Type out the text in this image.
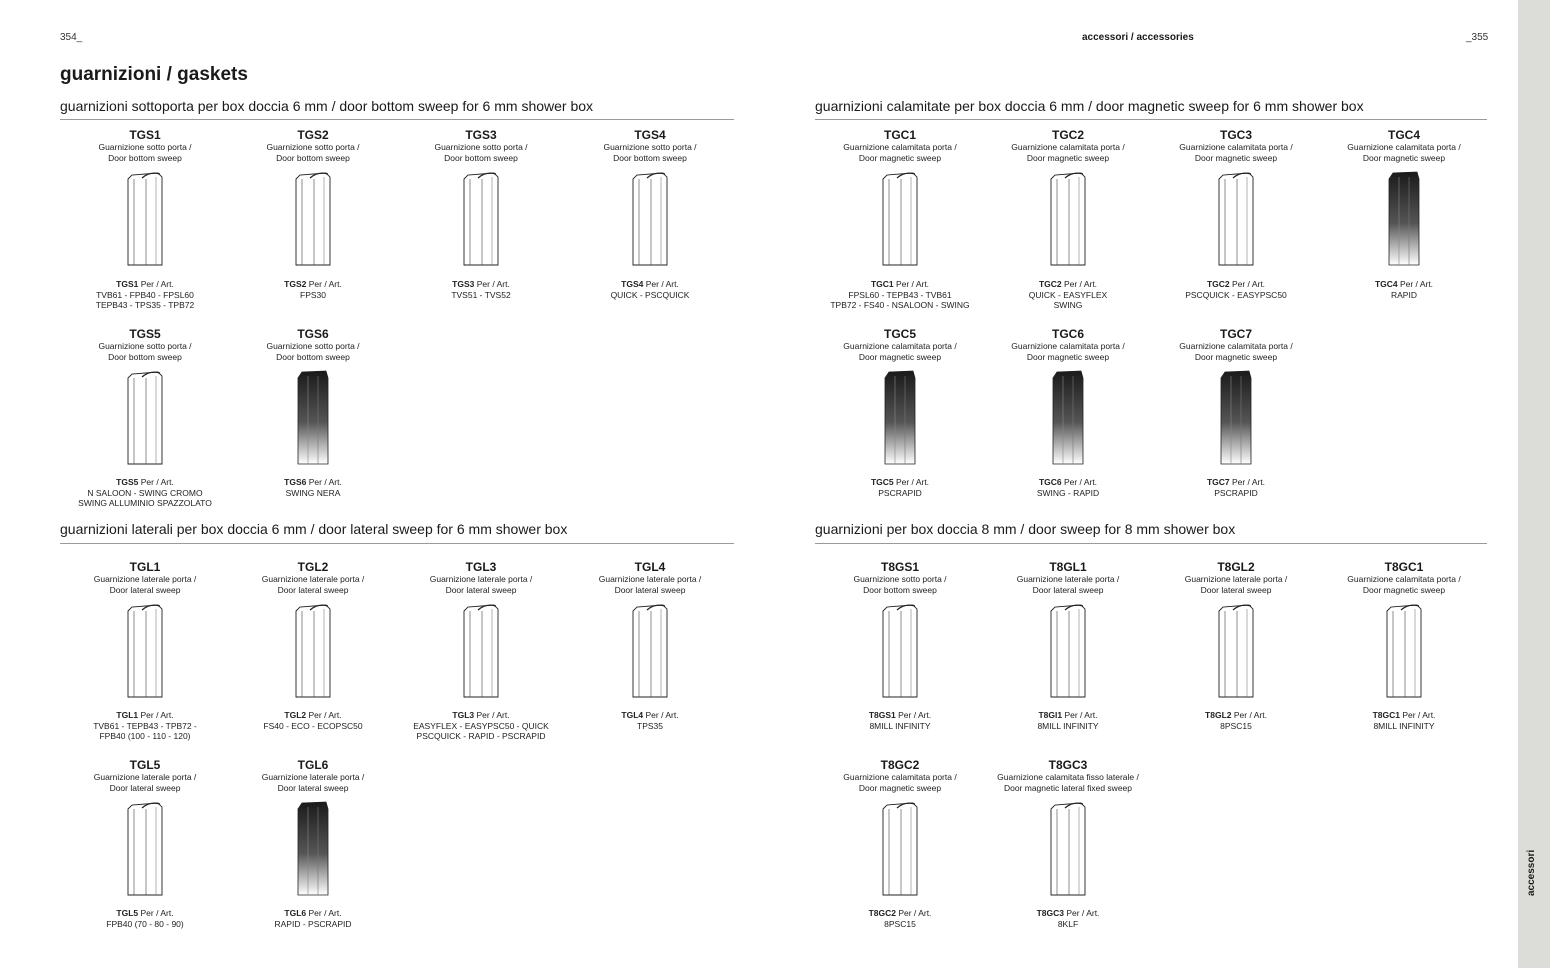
accessori
354_	accessori / accessories	_355
guarnizioni / gaskets
guarnizioni sottoporta per box doccia 6 mm / door bottom sweep for 6 mm shower box	guarnizioni calamitate per box doccia 6 mm / door magnetic sweep for 6 mm shower box
guarnizioni laterali per box doccia 6 mm / door lateral sweep for 6 mm shower box	guarnizioni per box doccia 8 mm / door sweep for 8 mm shower box
TGS1
Guarnizione sotto porta /
Door bottom sweep
TGS1 Per / Art.
TVB61 - FPB40 - FPSL60
TEPB43 - TPS35 - TPB72
TGS2
Guarnizione sotto porta /
Door bottom sweep
TGS2 Per / Art.
FPS30
TGS3
Guarnizione sotto porta /
Door bottom sweep
TGS3 Per / Art.
TVS51 - TVS52
TGS4
Guarnizione sotto porta /
Door bottom sweep
TGS4 Per / Art.
QUICK - PSCQUICK
TGS5
Guarnizione sotto porta /
Door bottom sweep
TGS5 Per / Art.
N SALOON - SWING CROMO
SWING ALLUMINIO SPAZZOLATO
TGS6
Guarnizione sotto porta /
Door bottom sweep
TGS6 Per / Art.
SWING NERA
TGC1
Guarnizione calamitata porta /
Door magnetic sweep
TGC1 Per / Art.
FPSL60 - TEPB43 - TVB61
TPB72 - FS40 - NSALOON - SWING
TGC2
Guarnizione calamitata porta /
Door magnetic sweep
TGC2 Per / Art.
QUICK - EASYFLEX
SWING
TGC3
Guarnizione calamitata porta /
Door magnetic sweep
TGC2 Per / Art.
PSCQUICK - EASYPSC50
TGC4
Guarnizione calamitata porta /
Door magnetic sweep
TGC4 Per / Art.
RAPID
TGC5
Guarnizione calamitata porta /
Door magnetic sweep
TGC5 Per / Art.
PSCRAPID
TGC6
Guarnizione calamitata porta /
Door magnetic sweep
TGC6 Per / Art.
SWING - RAPID
TGC7
Guarnizione calamitata porta /
Door magnetic sweep
TGC7 Per / Art.
PSCRAPID
TGL1
Guarnizione laterale porta /
Door lateral sweep
TGL1 Per / Art.
TVB61 - TEPB43 - TPB72 -
FPB40 (100 - 110 - 120)
TGL2
Guarnizione laterale porta /
Door lateral sweep
TGL2 Per / Art.
FS40 - ECO - ECOPSC50
TGL3
Guarnizione laterale porta /
Door lateral sweep
TGL3 Per / Art.
EASYFLEX - EASYPSC50 - QUICK
PSCQUICK - RAPID - PSCRAPID
TGL4
Guarnizione laterale porta /
Door lateral sweep
TGL4 Per / Art.
TPS35
TGL5
Guarnizione laterale porta /
Door lateral sweep
TGL5 Per / Art.
FPB40 (70 - 80 - 90)
TGL6
Guarnizione laterale porta /
Door lateral sweep
TGL6 Per / Art.
RAPID - PSCRAPID
T8GS1
Guarnizione sotto porta /
Door bottom sweep
T8GS1 Per / Art.
8MILL INFINITY
T8GL1
Guarnizione laterale porta /
Door lateral sweep
T8Gl1 Per / Art.
8MILL INFINITY
T8GL2
Guarnizione laterale porta /
Door lateral sweep
T8GL2 Per / Art.
8PSC15
T8GC1
Guarnizione calamitata porta /
Door magnetic sweep
T8GC1 Per / Art.
8MILL INFINITY
T8GC2
Guarnizione calamitata porta /
Door magnetic sweep
T8GC2 Per / Art.
8PSC15
T8GC3
Guarnizione calamitata fisso laterale /
Door magnetic lateral fixed sweep
T8GC3 Per / Art.
8KLF
